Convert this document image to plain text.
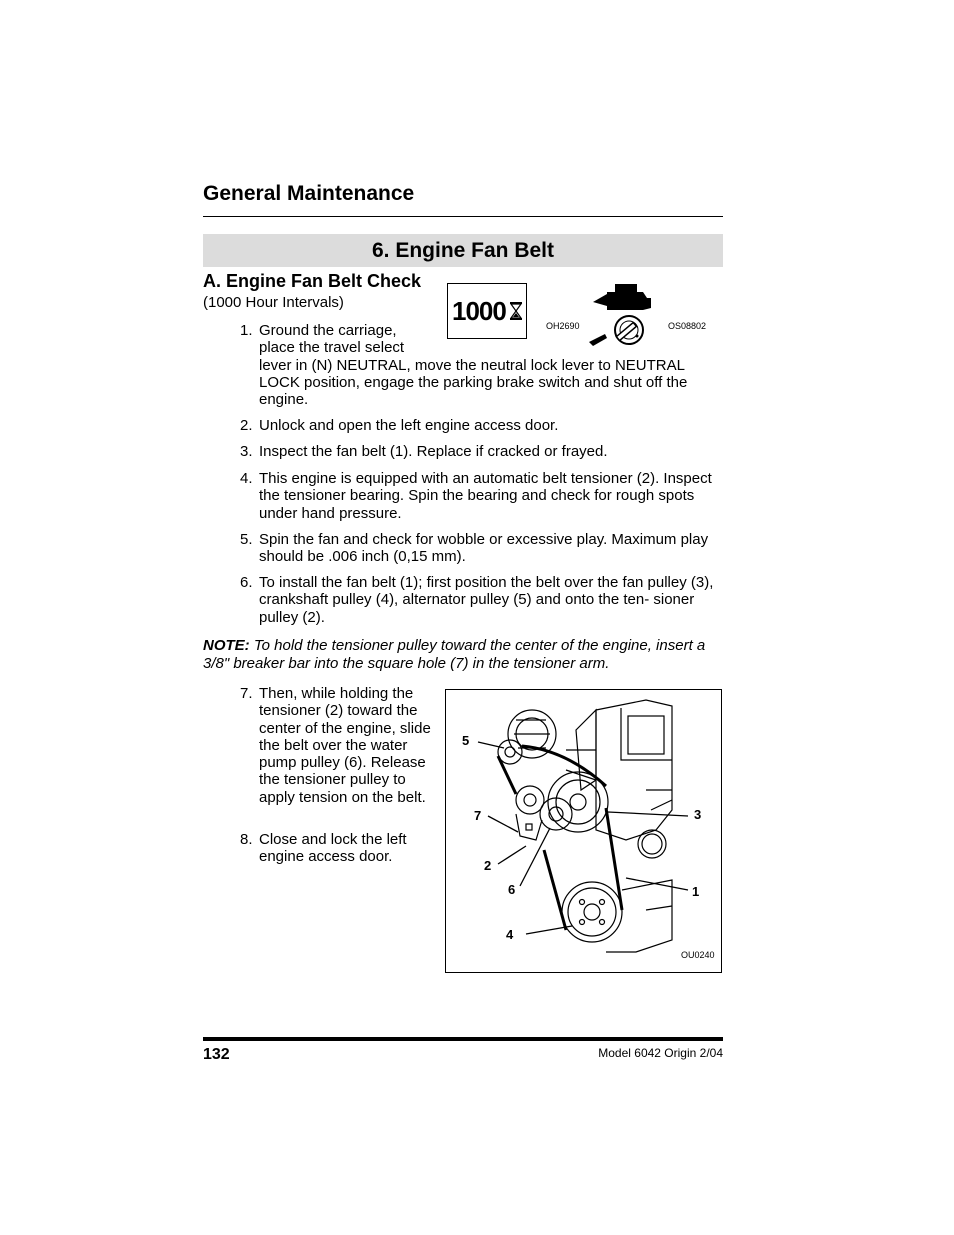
General Maintenance
6. Engine Fan Belt
A. Engine Fan Belt Check
(1000 Hour Intervals)	1000
OH2690	OS08802
1. Ground the carriage,
place the travel select
lever in (N) NEUTRAL, move the neutral lock lever to NEUTRAL LOCK position, engage the parking brake switch and shut off the engine.
2. Unlock and open the left engine access door.
3. Inspect the fan belt (1). Replace if cracked or frayed.
4. This engine is equipped with an automatic belt tensioner (2). Inspect the tensioner bearing. Spin the bearing and check for rough spots under hand pressure.
5. Spin the fan and check for wobble or excessive play. Maximum play should be .006 inch (0,15 mm).
6. To install the fan belt (1); first position the belt over the fan pulley (3), crankshaft pulley (4), alternator pulley (5) and onto the ten- sioner pulley (2).
NOTE: To hold the tensioner pulley toward the center of the engine, insert a 3/8" breaker bar into the square hole (7) in the tensioner arm.
7. Then, while holding the tensioner (2) toward the center of the engine, slide the belt over the water pump pulley (6). Release the tensioner pulley to apply tension on the belt.
8. Close and lock the left engine access door.
5
7
2
6
4
3
1
OU0240
132	Model 6042 Origin 2/04
